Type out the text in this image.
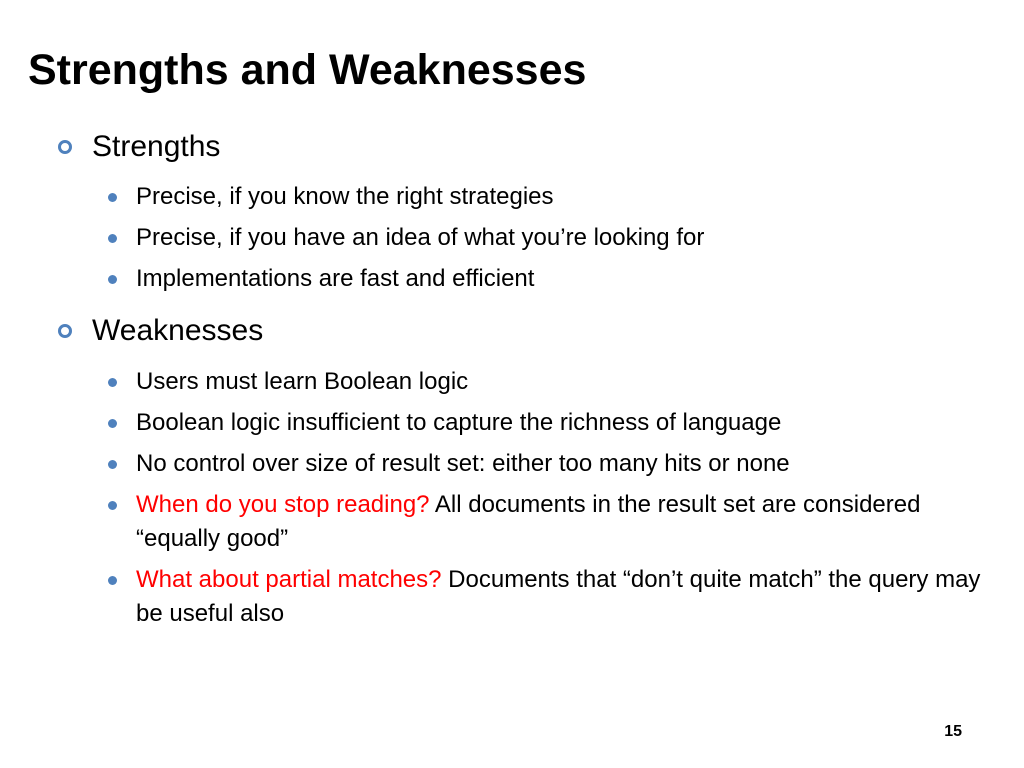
Strengths and Weaknesses
Strengths
Precise, if you know the right strategies
Precise, if you have an idea of what you’re looking for
Implementations are fast and efficient
Weaknesses
Users must learn Boolean logic
Boolean logic insufficient to capture the richness of language
No control over size of result set: either too many hits or none
When do you stop reading? All documents in the result set are considered “equally good”
What about partial matches? Documents that “don’t quite match” the query may be useful also
15
